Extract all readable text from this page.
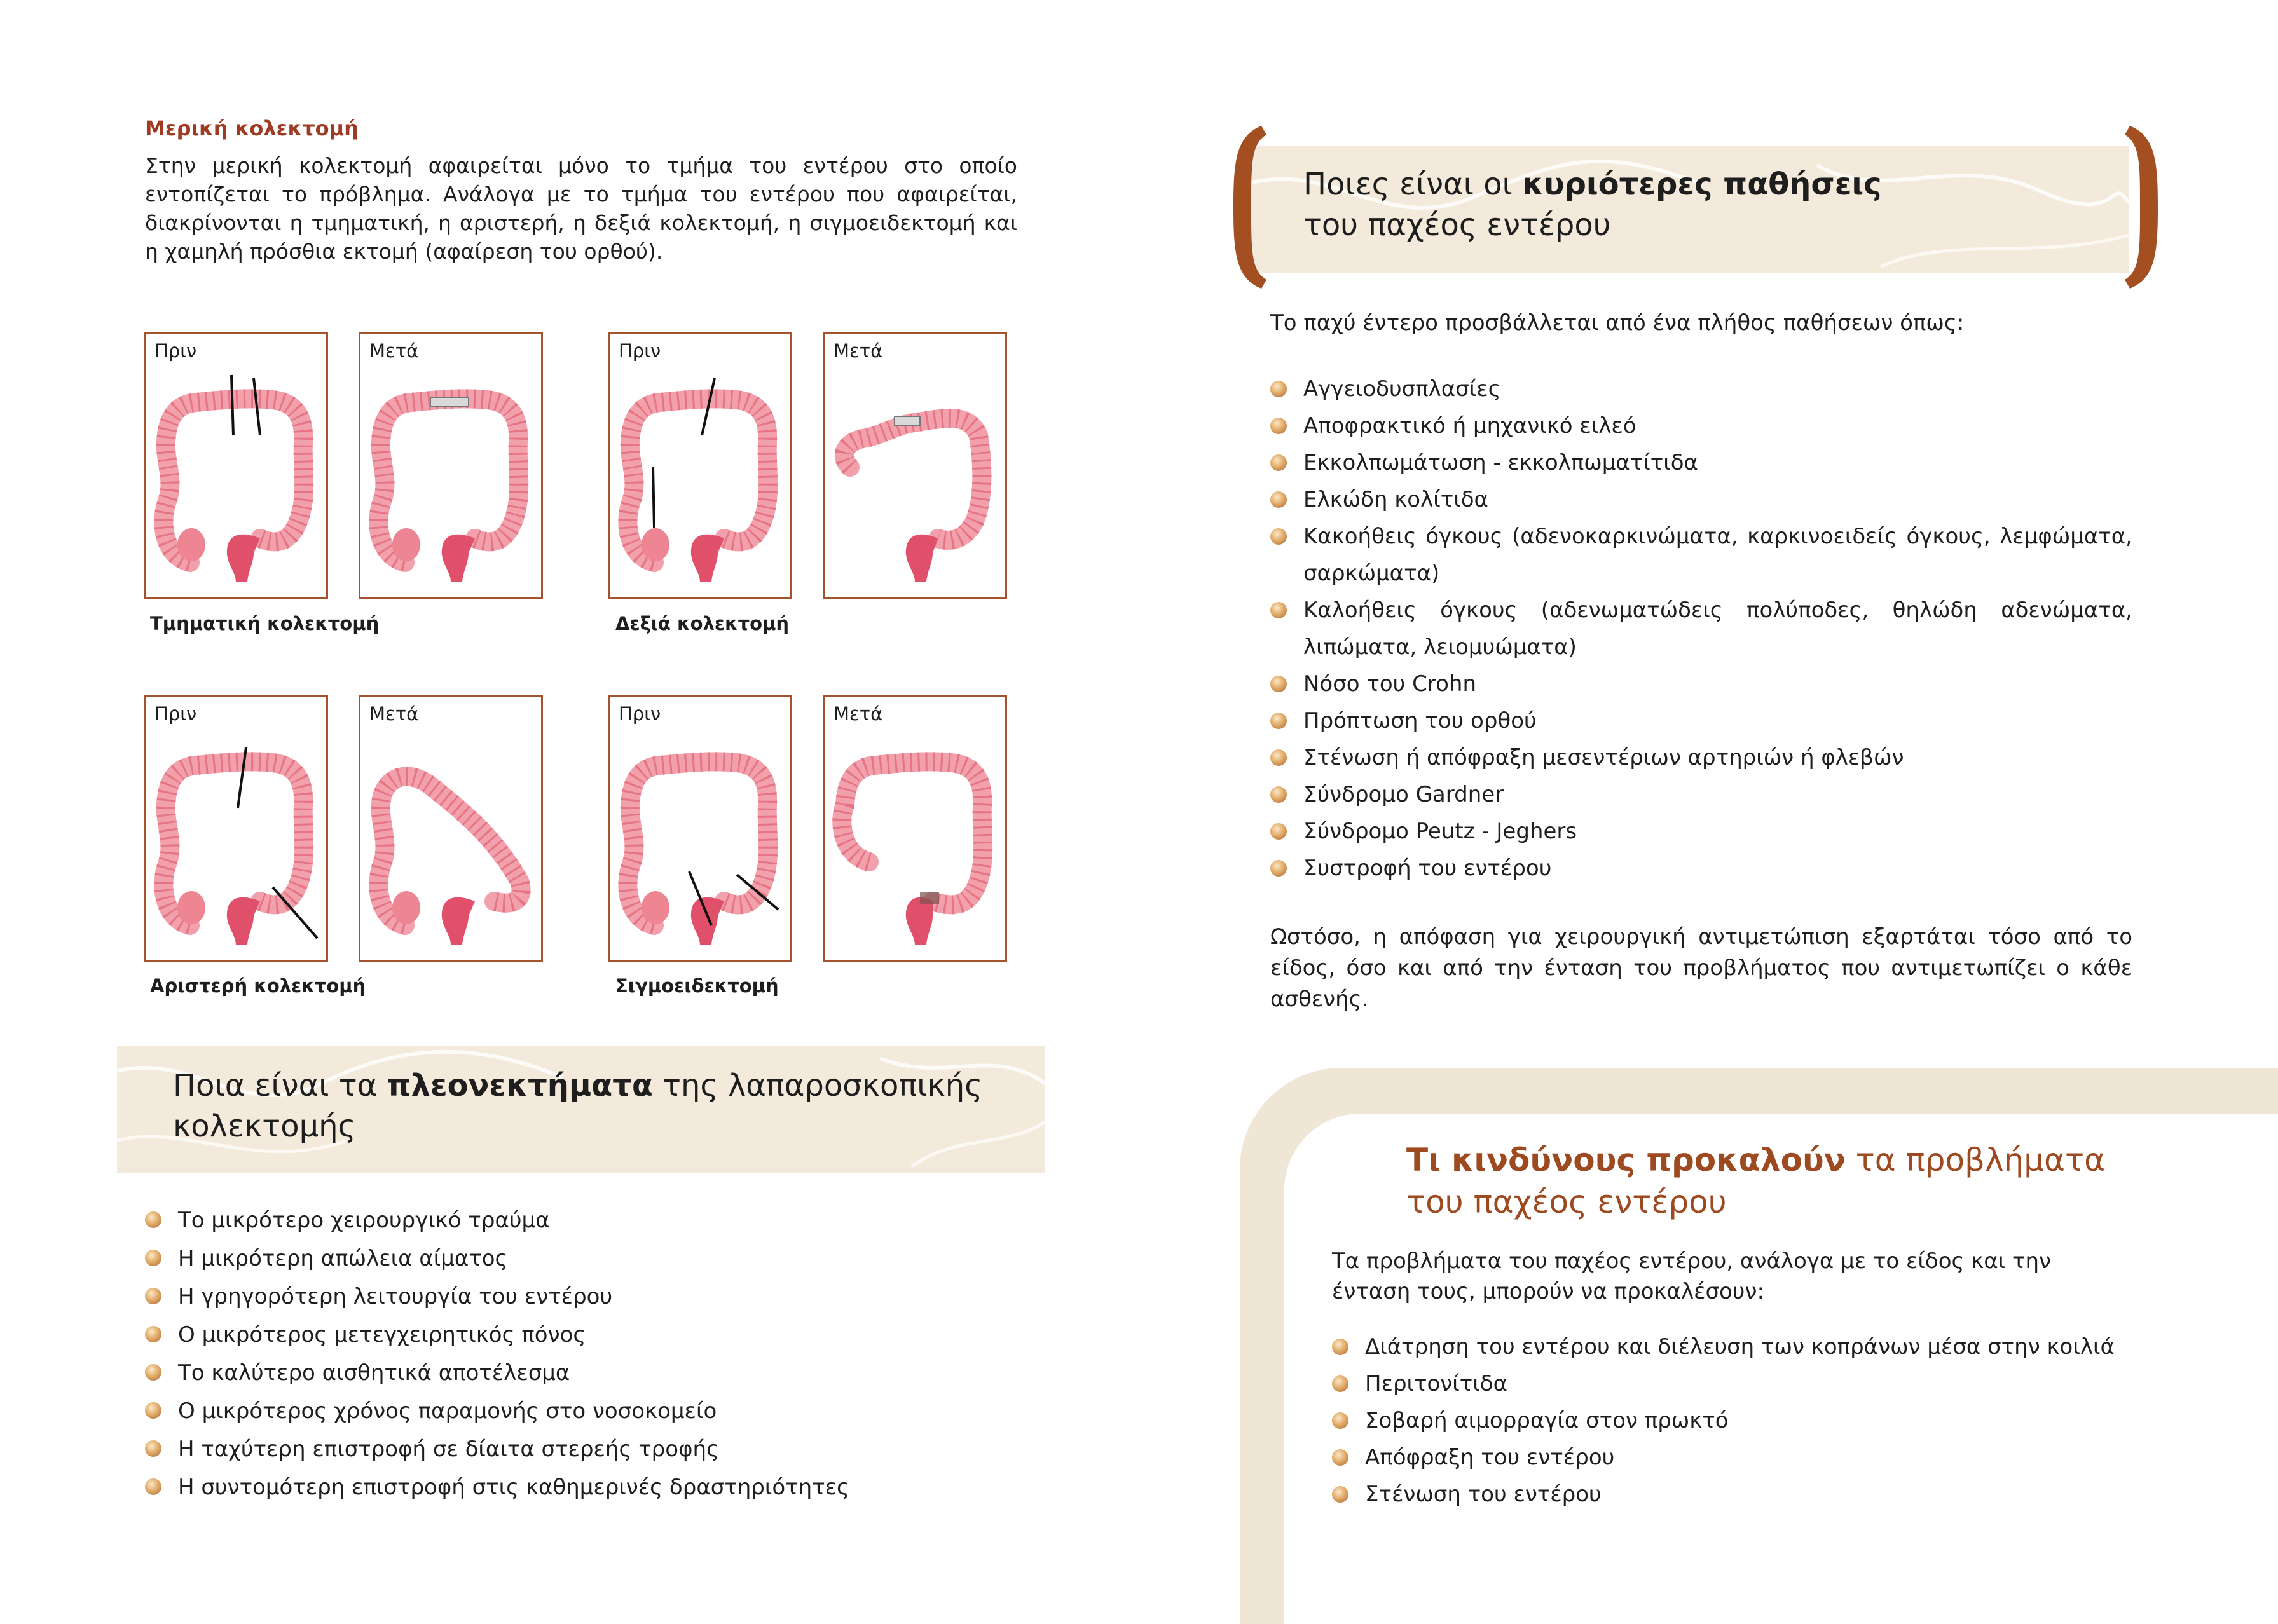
Μερική κολεκτομή
Στην μερική κολεκτομή αφαιρείται μόνο το τμήμα του εντέρου στο οποίο εντοπίζεται το πρόβλημα. Ανάλογα με το τμήμα του εντέρου που αφαιρείται, διακρίνονται η τμηματική, η αριστερή, η δεξιά κολεκτομή, η σιγμοειδεκτομή και η χαμηλή πρόσθια εκτομή (αφαίρεση του ορθού).
Πριν	Μετά
Τμηματική κολεκτομή
Πριν	Μετά
Δεξιά κολεκτομή
Πριν	Μετά
Αριστερή κολεκτομή
Πριν	Μετά
Σιγμοειδεκτομή
Ποια είναι τα πλεονεκτήματα της λαπαροσκοπικής κολεκτομής
Το μικρότερο χειρουργικό τραύμα
Η μικρότερη απώλεια αίματος
Η γρηγορότερη λειτουργία του εντέρου
Ο μικρότερος μετεγχειρητικός πόνος
Το καλύτερο αισθητικά αποτέλεσμα
Ο μικρότερος χρόνος παραμονής στο νοσοκομείο
Η ταχύτερη επιστροφή σε δίαιτα στερεής τροφής
Η συντομότερη επιστροφή στις καθημερινές δραστηριότητες
Ποιες είναι οι κυριότερες παθήσεις
του παχέος εντέρου
Το παχύ έντερο προσβάλλεται από ένα πλήθος παθήσεων όπως:
Αγγειοδυσπλασίες
Αποφρακτικό ή μηχανικό ειλεό
Εκκολπωμάτωση - εκκολπωματίτιδα
Ελκώδη κολίτιδα
Κακοήθεις όγκους (αδενοκαρκινώματα, καρκινοειδείς όγκους, λεμφώματα, σαρκώματα)
Καλοήθεις όγκους (αδενωματώδεις πολύποδες, θηλώδη αδενώματα, λιπώματα, λειομυώματα)
Νόσο του Crohn
Πρόπτωση του ορθού
Στένωση ή απόφραξη μεσεντέριων αρτηριών ή φλεβών
Σύνδρομο Gardner
Σύνδρομο Peutz - Jeghers
Συστροφή του εντέρου
Ωστόσο, η απόφαση για χειρουργική αντιμετώπιση εξαρτάται τόσο από το είδος, όσο και από την ένταση του προβλήματος που αντιμετωπίζει ο κάθε ασθενής.
Τι κινδύνους προκαλούν τα προβλήματα
του παχέος εντέρου
Τα προβλήματα του παχέος εντέρου, ανάλογα με το είδος και την ένταση τους, μπορούν να προκαλέσουν:
Διάτρηση του εντέρου και διέλευση των κοπράνων μέσα στην κοιλιά
Περιτονίτιδα
Σοβαρή αιμορραγία στον πρωκτό
Απόφραξη του εντέρου
Στένωση του εντέρου
